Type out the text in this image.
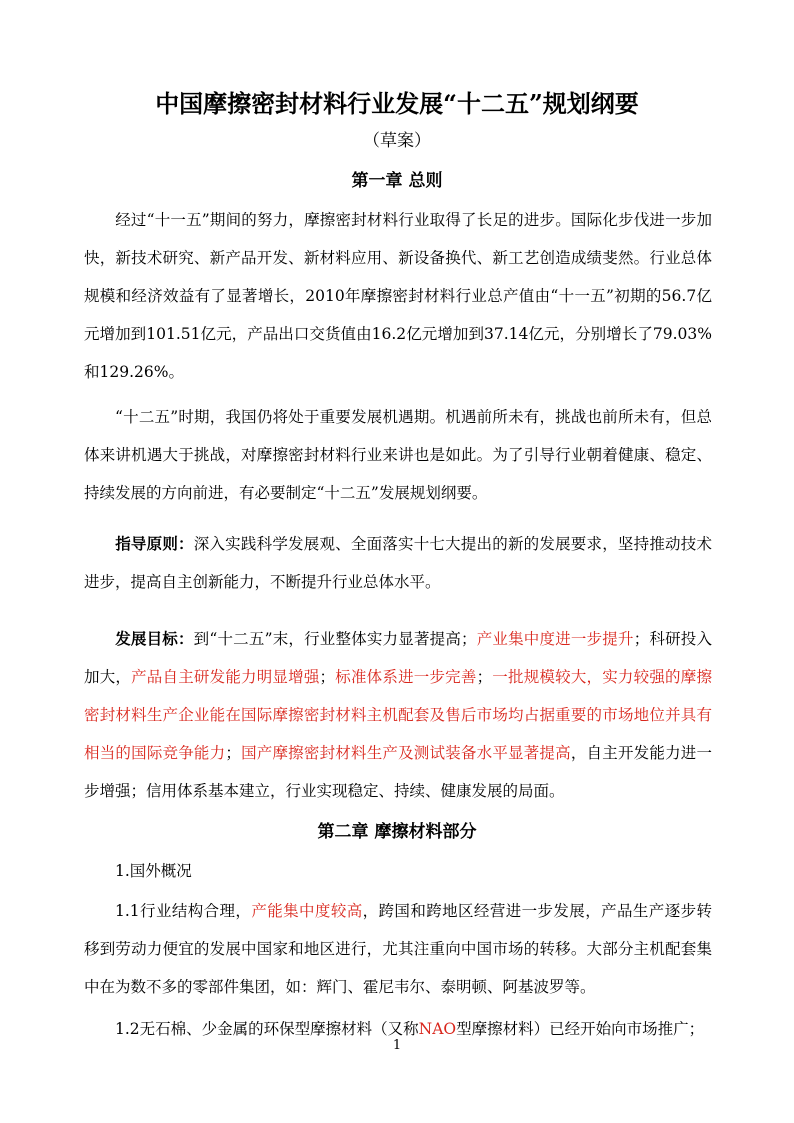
中国摩擦密封材料行业发展“十二五”规划纲要
（草案）
第一章 总则

经过“十一五”期间的努力，摩擦密封材料行业取得了长足的进步。国际化步伐进一步加快，新技术研究、新产品开发、新材料应用、新设备换代、新工艺创造成绩斐然。行业总体规模和经济效益有了显著增长，2010年摩擦密封材料行业总产值由“十一五”初期的56.7亿元增加到101.51亿元，产品出口交货值由16.2亿元增加到37.14亿元，分别增长了79.03%和129.26%。

“十二五”时期，我国仍将处于重要发展机遇期。机遇前所未有，挑战也前所未有，但总体来讲机遇大于挑战，对摩擦密封材料行业来讲也是如此。为了引导行业朝着健康、稳定、持续发展的方向前进，有必要制定“十二五”发展规划纲要。

指导原则：深入实践科学发展观、全面落实十七大提出的新的发展要求，坚持推动技术进步，提高自主创新能力，不断提升行业总体水平。

发展目标：到“十二五”末，行业整体实力显著提高；产业集中度进一步提升；科研投入加大，产品自主研发能力明显增强；标准体系进一步完善；一批规模较大，实力较强的摩擦密封材料生产企业能在国际摩擦密封材料主机配套及售后市场均占据重要的市场地位并具有相当的国际竞争能力；国产摩擦密封材料生产及测试装备水平显著提高，自主开发能力进一步增强；信用体系基本建立，行业实现稳定、持续、健康发展的局面。

第二章 摩擦材料部分

1.国外概况

1.1行业结构合理，产能集中度较高，跨国和跨地区经营进一步发展，产品生产逐步转移到劳动力便宜的发展中国家和地区进行，尤其注重向中国市场的转移。大部分主机配套集中在为数不多的零部件集团，如：辉门、霍尼韦尔、泰明顿、阿基波罗等。

1.2无石棉、少金属的环保型摩擦材料（又称NAO型摩擦材料）已经开始向市场推广；

1
